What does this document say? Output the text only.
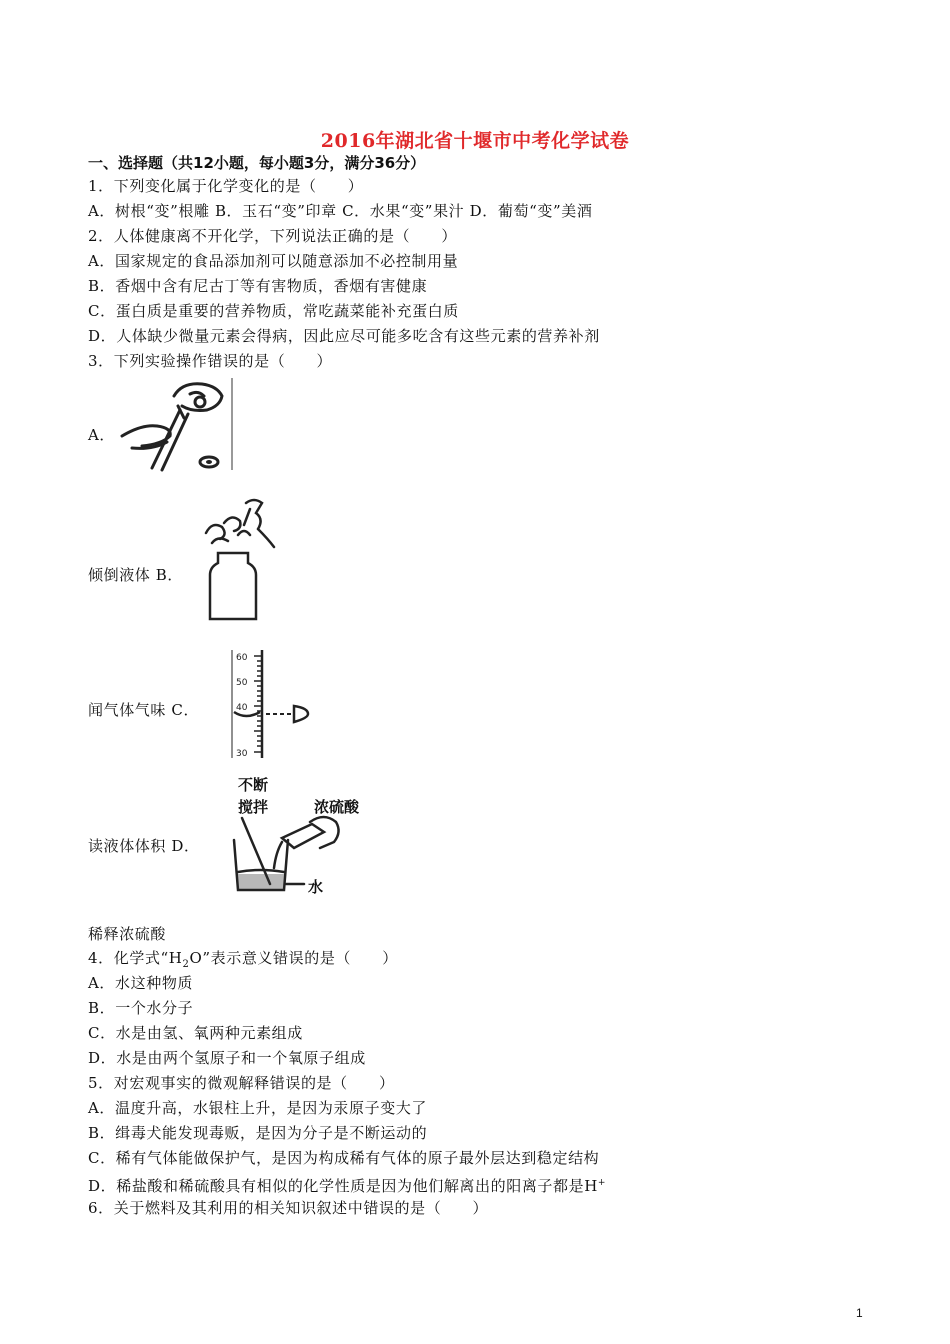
2016年湖北省十堰市中考化学试卷
一、选择题（共12小题，每小题3分，满分36分）
1．下列变化属于化学变化的是（　　）
A．树根“变”根雕 B．玉石“变”印章 C．水果“变”果汁 D．葡萄“变”美酒
2．人体健康离不开化学，下列说法正确的是（　　）
A．国家规定的食品添加剂可以随意添加不必控制用量
B．香烟中含有尼古丁等有害物质，香烟有害健康
C．蛋白质是重要的营养物质，常吃蔬菜能补充蛋白质
D．人体缺少微量元素会得病，因此应尽可能多吃含有这些元素的营养补剂
3．下列实验操作错误的是（　　）
A．
倾倒液体 B．
闻气体气味 C．
60
50
40
30
读液体体积 D．
不断
搅拌	浓硫酸
水
稀释浓硫酸
4．化学式“$H_2O$”表示意义错误的是（　　）
A．水这种物质
B．一个水分子
C．水是由氢、氧两种元素组成
D．水是由两个氢原子和一个氧原子组成
5．对宏观事实的微观解释错误的是（　　）
A．温度升高，水银柱上升，是因为汞原子变大了
B．缉毒犬能发现毒贩，是因为分子是不断运动的
C．稀有气体能做保护气，是因为构成稀有气体的原子最外层达到稳定结构
D．稀盐酸和稀硫酸具有相似的化学性质是因为他们解离出的阳离子都是H+
6．关于燃料及其利用的相关知识叙述中错误的是（　　）
1
